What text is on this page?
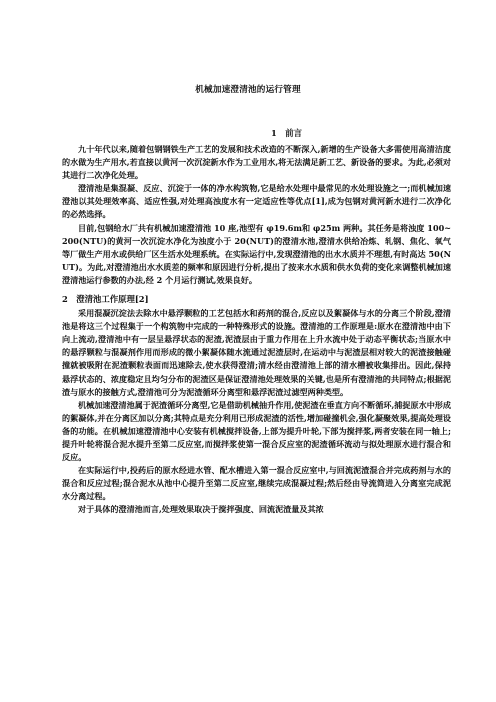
机械加速澄清池的运行管理
1　前言

九十年代以来,随着包钢钢铁生产工艺的发展和技术改造的不断深入,新增的生产设备大多需使用高清洁度的水做为生产用水,若直接以黄河一次沉淀新水作为工业用水,将无法满足新工艺、新设备的要求。为此,必须对其进行二次净化处理。

澄清池是集混凝、反应、沉淀于一体的净水构筑物,它是给水处理中最常见的水处理设施之一;而机械加速澄池以其处理效率高、适应性强,对处理高浊度水有一定适应性等优点[1],成为包钢对黄河新水进行二次净化的必然选择。

目前,包钢给水厂共有机械加速澄清池 10 座,池型有 φ19.6m和 φ25m 两种。其任务是将浊度 100~200(NTU)的黄河一次沉淀水净化为浊度小于 20(NUT)的澄清水池,澄清水供给冶炼、轧钢、焦化、氧气等厂做生产用水或供给厂区生活水处理系统。在实际运行中,发现澄清池的出水水质并不理想,有时高达 50(NUT)。为此,对澄清池出水水质差的频率和原因进行分析,提出了按来水水质和供水负荷的变化来调整机械加速澄清池运行参数的办法,经 2 个月运行测试,效果良好。

2　澄清池工作原理[2]

采用混凝沉淀法去除水中悬浮颗粒的工艺包括水和药剂的混合,反应以及絮凝体与水的分离三个阶段,澄清池是将这三个过程集于一个构筑物中完成的一种特殊形式的设施。澄清池的工作原理是:原水在澄清池中由下向上流动,澄清池中有一层呈悬浮状态的泥渣,泥渣层由于重力作用在上升水流中处于动态平衡状态;当原水中的悬浮颗粒与混凝剂作用而形成的微小絮凝体随水流通过泥渣层时,在运动中与泥渣层相对较大的泥渣接触碰撞就被吸附在泥渣颗粒表面而迅速除去,使水获得澄清;清水经由澄清池上部的清水槽被收集排出。因此,保持悬浮状态的、浓度稳定且均匀分布的泥渣区是保证澄清池处理效果的关键,也是所有澄清池的共同特点;根据泥渣与原水的接触方式,澄清池可分为泥渣循环分离型和悬浮泥渣过滤型两种类型。

机械加速澄清池属于泥渣循环分离型,它是借助机械抽升作用,使泥渣在垂直方向不断循环,捕捉原水中形成的絮凝体,并在分离区加以分离;其特点是充分利用已形成泥渣的活性,增加碰撞机会,强化凝聚效果,提高处理设备的功能。在机械加速澄清池中心安装有机械搅拌设备,上部为提升叶轮,下部为搅拌浆,两者安装在同一轴上;提升叶轮将混合泥水提升至第二反应室,而搅拌浆使第一混合反应室的泥渣循环流动与拟处理原水进行混合和反应。

在实际运行中,投药后的原水经进水管、配水槽进入第一混合反应室中,与回流泥渣混合并完成药剂与水的混合和反应过程;混合泥水从池中心提升至第二反应室,继续完成混凝过程;然后经由导流筒进入分离室完成泥水分离过程。

对于具体的澄清池而言,处理效果取决于搅拌强度、回流泥渣量及其浓
